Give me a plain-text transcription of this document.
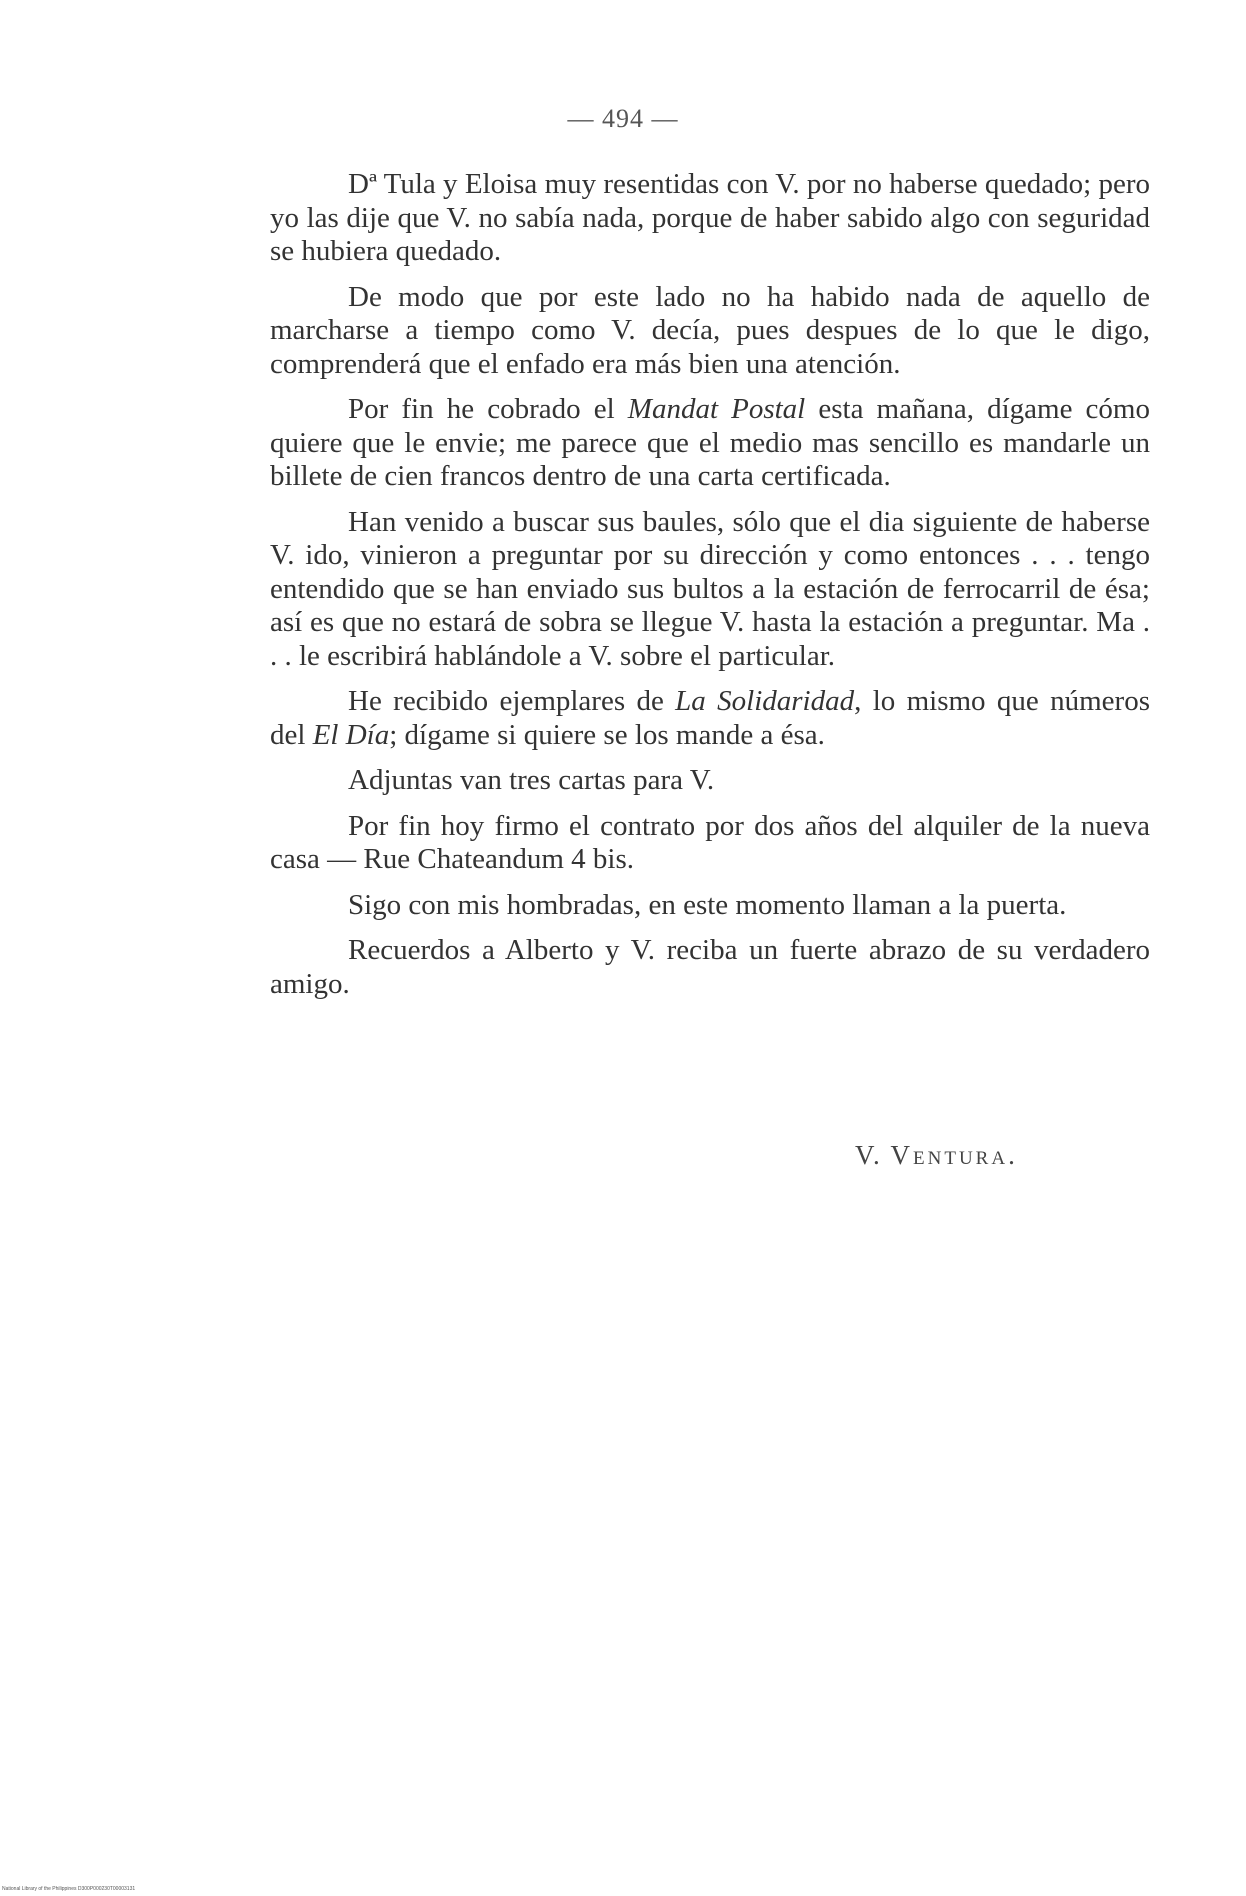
— 494 —

Dª Tula y Eloisa muy resentidas con V. por no haberse quedado; pero yo las dije que V. no sabía nada, porque de haber sabido algo con seguridad se hubiera quedado.

De modo que por este lado no ha habido nada de aquello de marcharse a tiempo como V. decía, pues despues de lo que le digo, comprenderá que el enfado era más bien una atención.

Por fin he cobrado el Mandat Postal esta mañana, dígame cómo quiere que le envie; me parece que el medio mas sencillo es mandarle un billete de cien francos dentro de una carta certificada.

Han venido a buscar sus baules, sólo que el dia siguiente de haberse V. ido, vinieron a preguntar por su dirección y como entonces . . . tengo entendido que se han enviado sus bultos a la estación de ferrocarril de ésa; así es que no estará de sobra se llegue V. hasta la estación a preguntar. Ma . . . le escribirá hablándole a V. sobre el particular.

He recibido ejemplares de La Solidaridad, lo mismo que números del El Día; dígame si quiere se los mande a ésa.

Adjuntas van tres cartas para V.

Por fin hoy firmo el contrato por dos años del alquiler de la nueva casa — Rue Chateandum 4 bis.

Sigo con mis hombradas, en este momento llaman a la puerta.

Recuerdos a Alberto y V. reciba un fuerte abrazo de su verdadero amigo.

V. Ventura.
National Library of the Philippines D300P000230T00003131
